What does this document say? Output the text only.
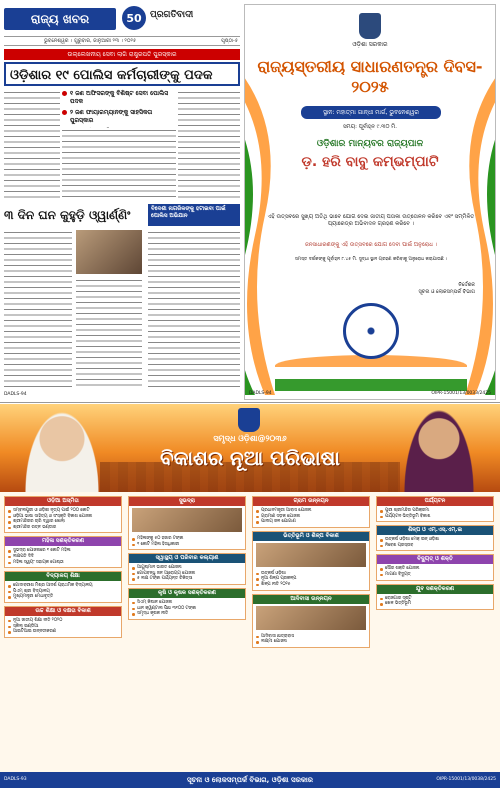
ରାଜ୍ୟ ଖବର	50 ପ୍ରଗତିବାଦୀ
ଭୁବନେଶ୍ୱର । ଗୁରୁବାର, ଜାନୁଆରୀ ୨୩ । ୨୦୨୫	ପୃଷ୍ଠା-୫
ଉଲ୍ଲେଖନୀୟ ସେବା ଲାଗି ରାଷ୍ଟ୍ରପତି ପୁରସ୍କାର
ଓଡ଼ିଶାର ୧୯ ପୋଲିସ କର୍ମଚାରୀଙ୍କୁ ପଦକ
୧ ଜଣ ଅଫିସରଙ୍କୁ ବିଶିଷ୍ଟ ସେବା ପୋଲିସ ପଦକ
୨ ଜଣ ଫାୟାରମ୍ୟାନଙ୍କୁ ସାହସିକତା ପୁରସ୍କାର
୩ ଦିନ ଘନ କୁହୁଡ଼ି ଓ୍ୱାର୍ଣ୍ଣିଂ	ବିଦେଶୀ ନାଗରିକଙ୍କୁ ହଟାଇବା ପାଇଁ ପୋଲିସ ଅଭିଯାନ
DADLS-94
ଓଡ଼ିଶା ସରକାର
ରାଜ୍ୟସ୍ତରୀୟ ସାଧାରଣତନ୍ତ୍ର ଦିବସ- ୨୦୨୫
ସ୍ଥାନ: ମହାତ୍ମା ଗାନ୍ଧୀ ମାର୍ଗ, ଭୁବନେଶ୍ୱର
ସମୟ: ପୂର୍ବାହ୍ନ ୯.୩୦ ମି.
ଓଡ଼ିଶାର ମାନ୍ୟବର ରାଜ୍ୟପାଳ
ଡ଼. ହରି ବାବୁ କମ୍ଭମ୍ପାଟି
ଏହି ଉତ୍ସବରେ ସୁଖ୍ୟ ଅତିଥି ଭାବେ ଯୋଗ ଦେଇ ଜାତୀୟ ପତାକା ଉତ୍ତୋଳନ କରିବେ ଏବଂ ସମ୍ମିଳିତ ପ୍ୟାରେଡ୍‌ର ଅଭିବାଦନ ଗ୍ରହଣ କରିବେ ।
ଜନସାଧାରଣଙ୍କୁ ଏହି ଉତ୍ସବରେ ଯୋଗ ଦେବା ପାଇଁ ଅନୁରୋଧ ।
ସମସ୍ତ ଦର୍ଶକଙ୍କୁ ପୂର୍ବାହ୍ନ ୮.୪୫ ମି. ସୁଦ୍ଧା ସ୍ଥାନ ଗ୍ରହଣ କରିବାକୁ ଅନୁରୋଧ କରାଯାଉଛି ।
ନିର୍ଦ୍ଦେଶକ
ସୂଚନା ଓ ଲୋକସମ୍ପର୍କ ବିଭାଗ
DADLS-94	OIPR-15001/13/0033/2425
ସମୃଦ୍ଧ ଓଡ଼ିଶା@୨୦୩୬
ବିକାଶର ନୂଆ ପରିଭାଷା
ଓଡ଼ିଆ ଅସ୍ମିତା
ସମ୍ବଲପୁରୀ ଓ ଓଡ଼ିଶୀ ନୃତ୍ୟ ପାଇଁ ୨୦୦ କୋଟି
ଓଡ଼ିଆ ଭାଷା ସାହିତ୍ୟ ଓ ସଂସ୍କୃତି ବିକାଶ ଯୋଜନା
ଶ୍ରୀମନ୍ଦିରର ଚାରି ଦ୍ୱାର ଖୋଲା
ଶ୍ରୀମନ୍ଦିର ରତ୍ନ ଭଣ୍ଡାର
ମହିଳା ସଶକ୍ତିକରଣ
ସୁଭଦ୍ରା ଯୋଜନାରେ ୧ କୋଟି ମହିଳା
ଲକ୍ଷପତି ଦିଦି
ମହିଳା ସ୍ୱୟଂ ସହାୟକ ଗୋଷ୍ଠୀ
ବିଦ୍ୟାଳୟ ଶିକ୍ଷା
ଗୋଦାବରୀଶ ମିଶ୍ର ଆଦର୍ଶ ପ୍ରାଥମିକ ବିଦ୍ୟାଳୟ
ପିଏମ୍ ଶ୍ରୀ ବିଦ୍ୟାଳୟ
ମୁଖ୍ୟମନ୍ତ୍ରୀ ମେଧାବୃତ୍ତି
ଉଚ୍ଚ ଶିକ୍ଷା ଓ ଦକ୍ଷତା ବିକାଶ
ନୂଆ ଜାତୀୟ ଶିକ୍ଷା ନୀତି ୨୦୨୦
ସ୍କିଲ୍ ଇଣ୍ଡିଆ
ଆଇଟିଆଇ ଉନ୍ନତୀକରଣ
ସୁଭଦ୍ରା
ମହିଳାଙ୍କୁ ୫୦ ହଜାର ଟଙ୍କା
୧ କୋଟି ମହିଳା ହିତାଧିକାରୀ
ସ୍ୱାସ୍ଥ୍ୟ ଓ ପରିବାର କଲ୍ୟାଣ
ଆୟୁଷ୍ମାନ ଭାରତ ଯୋଜନା
ଗୋପବନ୍ଧୁ ଜନ ଆରୋଗ୍ୟ ଯୋଜନା
୫ ଲକ୍ଷ ଟଙ୍କା ପର୍ଯ୍ୟନ୍ତ ଚିକିତ୍ସା
କୃଷି ଓ କୃଷକ ସଶକ୍ତିକରଣ
ସିଏମ୍ କିଷାନ ଯୋଜନା
ଧାନ କ୍ୱିଣ୍ଟାଲ ପିଛା ୩୧୦୦ ଟଙ୍କା
ସମୃଦ୍ଧ କୃଷକ ନୀତି
ଗ୍ରାମ ଉନ୍ନୟନ
ପ୍ରଧାନମନ୍ତ୍ରୀ ଆବାସ ଯୋଜନା
ଗ୍ରାମୀଣ ସଡ଼କ ଯୋଜନା
ପାନୀୟ ଜଳ ଯୋଗାଣ
ଭିତ୍ତିଭୂମି ଓ ଶିଳ୍ପ ବିକାଶ
ଉତ୍କର୍ଷ ଓଡ଼ିଶା
ନୂଆ ଶିଳ୍ପ ପ୍ରକଳ୍ପ
ଶିଳ୍ପ ନୀତି ୨୦୨୫
ଆଦିବାସୀ ଉନ୍ନୟନ
ଆଦିବାସୀ ଛାତ୍ରାବାସ
ଲକ୍ଷ୍ମୀ ଯୋଜନା
ପର୍ଯ୍ୟଟନ
ପୁରୀ ଶ୍ରୀମନ୍ଦିର ପରିକ୍ରମା
ପର୍ଯ୍ୟଟନ ଭିତ୍ତିଭୂମି ବିକାଶ
ଶିଳ୍ପ ଓ ଏମ୍.ଏସ୍.ଏମ୍.ଇ
ଉତ୍କର୍ଷ ଓଡ଼ିଶା ମେକ୍ ଇନ୍ ଓଡ଼ିଶା
ନିବେଶ ପ୍ରସ୍ତାବ
ବିଦ୍ୟୁତ୍ ଓ ଶକ୍ତି
ସୌର ଶକ୍ତି ଯୋଜନା
ମାଗଣା ବିଦ୍ୟୁତ୍
ଯୁବ ସଶକ୍ତିକରଣ
ରୋଜଗାର ସୃଷ୍ଟି
ଖେଳ ଭିତ୍ତିଭୂମି
DADLS-93	ସୂଚନା ଓ ଲୋକସମ୍ପର୍କ ବିଭାଗ, ଓଡ଼ିଶା ସରକାର	OIPR-15001/13/0038/2425
